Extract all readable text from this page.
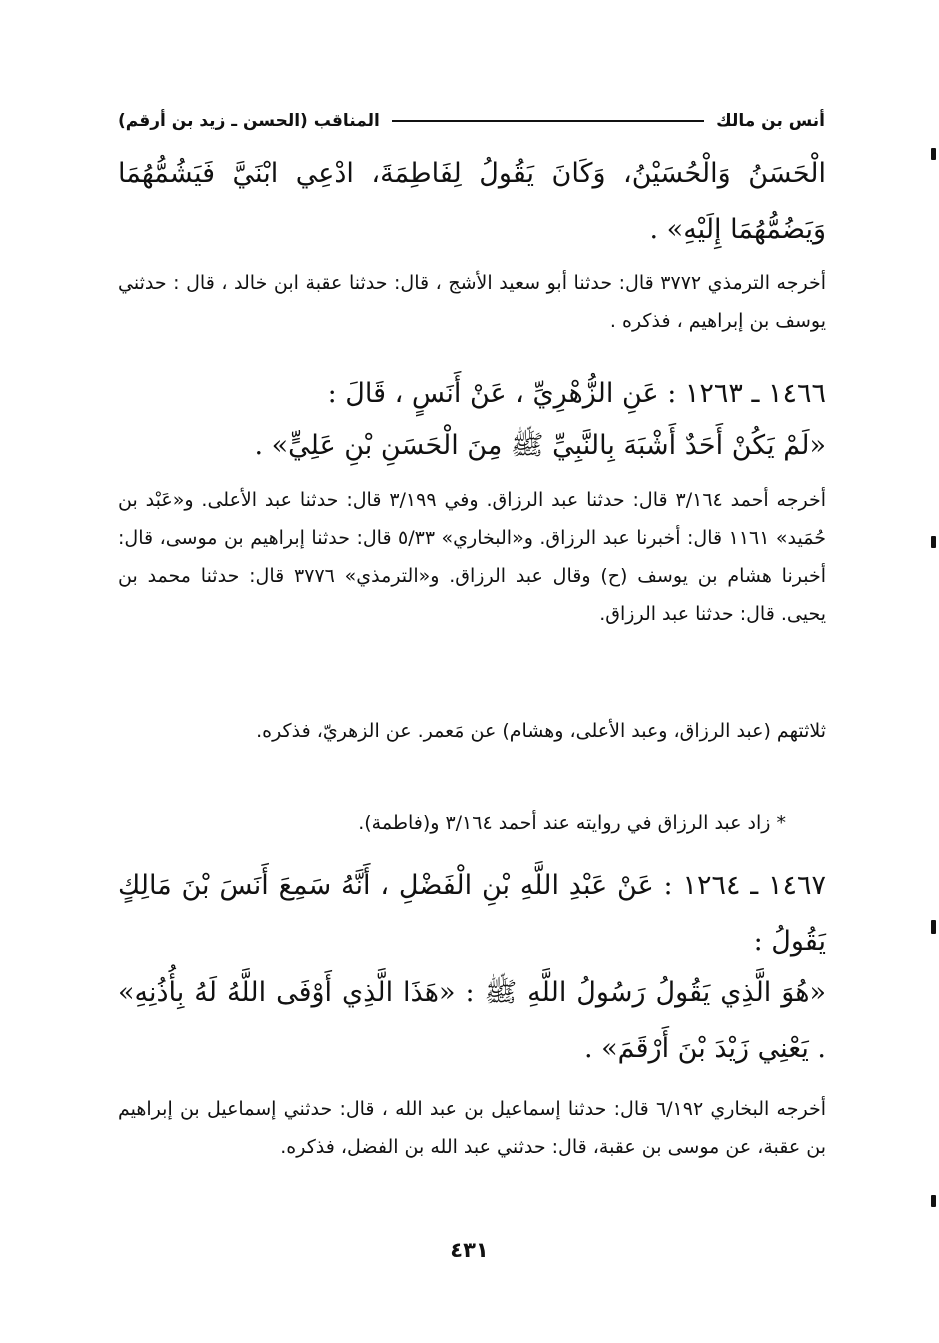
أنس بن مالك
المناقب (الحسن ـ زيد بن أرقم)
الْحَسَنُ وَالْحُسَيْنُ، وَكَانَ يَقُولُ لِفَاطِمَةَ، ادْعِي ابْنَيَّ فَيَشُمُّهُمَا وَيَضُمُّهُمَا إِلَيْهِ» .
أخرجه الترمذي ٣٧٧٢ قال: حدثنا أبو سعيد الأشج ، قال: حدثنا عقبة ابن خالد ، قال : حدثني يوسف بن إبراهيم ، فذكره .
١٤٦٦ ـ ١٢٦٣ : عَنِ الزُّهْرِيِّ ، عَنْ أَنَسٍ ، قَالَ :
«لَمْ يَكُنْ أَحَدٌ أَشْبَهَ بِالنَّبِيِّ ﷺ مِنَ الْحَسَنِ بْنِ عَلِيٍّ» .
أخرجه أحمد ٣/١٦٤ قال: حدثنا عبد الرزاق. وفي ٣/١٩٩ قال: حدثنا عبد الأعلى. و«عَبْد بن حُمَيد» ١١٦١ قال: أخبرنا عبد الرزاق. و«البخاري» ٥/٣٣ قال: حدثنا إبراهيم بن موسى، قال: أخبرنا هشام بن يوسف (ح) وقال عبد الرزاق. و«الترمذي» ٣٧٧٦ قال: حدثنا محمد بن يحيى. قال: حدثنا عبد الرزاق.
ثلاثتهم (عبد الرزاق، وعبد الأعلى، وهشام) عن مَعمر. عن الزهريّ، فذكره.
* زاد عبد الرزاق في روايته عند أحمد ٣/١٦٤ و(فاطمة).
١٤٦٧ ـ ١٢٦٤ : عَنْ عَبْدِ اللَّهِ بْنِ الْفَضْلِ ، أَنَّهُ سَمِعَ أَنَسَ بْنَ مَالِكٍ يَقُولُ :
«هُوَ الَّذِي يَقُولُ رَسُولُ اللَّهِ ﷺ : «هَذَا الَّذِي أَوْفَى اللَّهُ لَهُ بِأُذُنِهِ» . يَعْنِي زَيْدَ بْنَ أَرْقَمَ» .
أخرجه البخاري ٦/١٩٢ قال: حدثنا إسماعيل بن عبد الله ، قال: حدثني إسماعيل بن إبراهيم بن عقبة، عن موسى بن عقبة، قال: حدثني عبد الله بن الفضل، فذكره.
٤٣١
